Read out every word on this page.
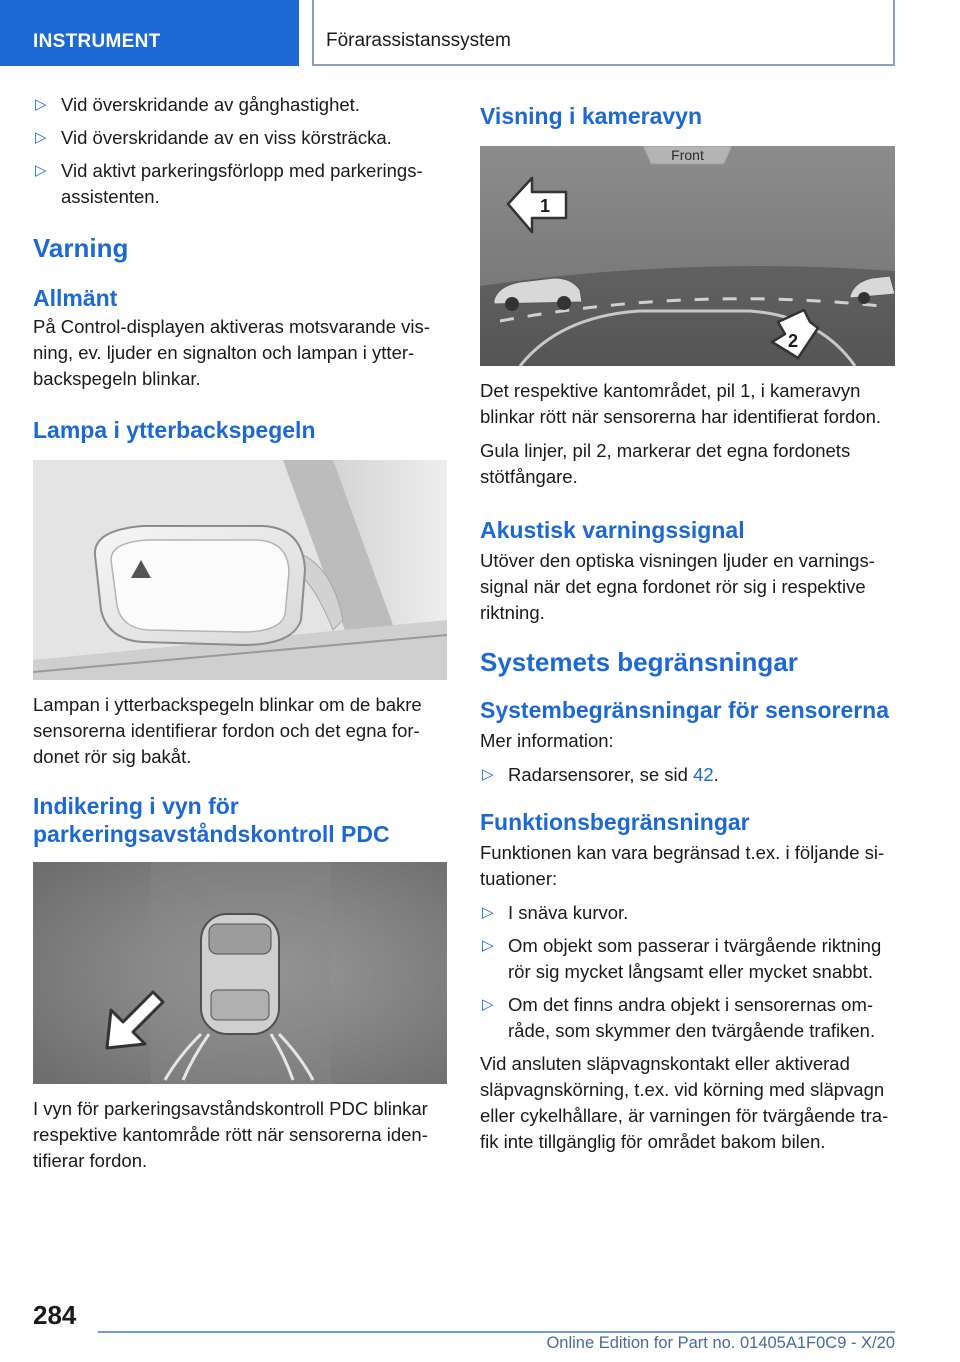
INSTRUMENT	Förarassistanssystem
▷ Vid överskridande av gånghastighet.
▷ Vid överskridande av en viss körsträcka.
▷ Vid aktivt parkeringsförlopp med parkeringsassistenten.
Varning
Allmänt

På Control-displayen aktiveras motsvarande visning, ev. ljuder en signalton och lampan i ytterbackspegeln blinkar.

Lampa i ytterbackspegeln

Lampan i ytterbackspegeln blinkar om de bakre sensorerna identifierar fordon och det egna fordonet rör sig bakåt.

Indikering i vyn för parkeringsavståndskontroll PDC

I vyn för parkeringsavståndskontroll PDC blinkar respektive kantområde rött när sensorerna identifierar fordon.

Visning i kameravyn
Front
1
2

Det respektive kantområdet, pil 1, i kameravyn blinkar rött när sensorerna har identifierat fordon.

Gula linjer, pil 2, markerar det egna fordonets stötfångare.

Akustisk varningssignal

Utöver den optiska visningen ljuder en varningssignal när det egna fordonet rör sig i respektive riktning.

Systemets begränsningar
Systembegränsningar för sensorerna

Mer information:

▷ Radarsensorer, se sid 42.
Funktionsbegränsningar

Funktionen kan vara begränsad t.ex. i följande situationer:

▷ I snäva kurvor.
▷ Om objekt som passerar i tvärgående riktning rör sig mycket långsamt eller mycket snabbt.
▷ Om det finns andra objekt i sensorernas område, som skymmer den tvärgående trafiken.

Vid ansluten släpvagnskontakt eller aktiverad släpvagnskörning, t.ex. vid körning med släpvagn eller cykelhållare, är varningen för tvärgående trafik inte tillgänglig för området bakom bilen.

284
Online Edition for Part no. 01405A1F0C9 - X/20
